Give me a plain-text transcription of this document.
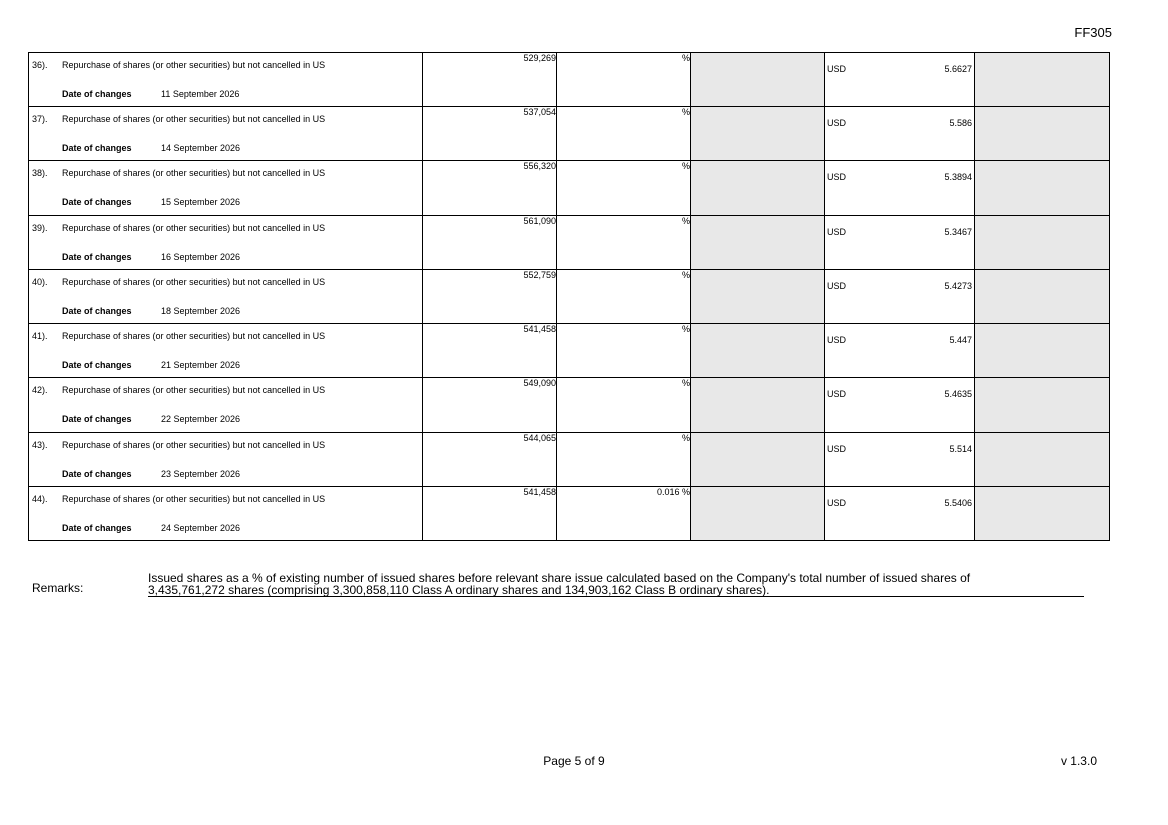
FF305
36). Repurchase of shares (or other securities) but not cancelled in US
Date of changes 11 September 2026	529,269	%		USD 5.6627	

37). Repurchase of shares (or other securities) but not cancelled in US
Date of changes 14 September 2026	537,054	%		USD 5.586	

38). Repurchase of shares (or other securities) but not cancelled in US
Date of changes 15 September 2026	556,320	%		USD 5.3894	

39). Repurchase of shares (or other securities) but not cancelled in US
Date of changes 16 September 2026	561,090	%		USD 5.3467	

40). Repurchase of shares (or other securities) but not cancelled in US
Date of changes 18 September 2026	552,759	%		USD 5.4273	

41). Repurchase of shares (or other securities) but not cancelled in US
Date of changes 21 September 2026	541,458	%		USD 5.447	

42). Repurchase of shares (or other securities) but not cancelled in US
Date of changes 22 September 2026	549,090	%		USD 5.4635	

43). Repurchase of shares (or other securities) but not cancelled in US
Date of changes 23 September 2026	544,065	%		USD 5.514	

44). Repurchase of shares (or other securities) but not cancelled in US
Date of changes 24 September 2026	541,458	0.016 %		USD 5.5406	

Remarks:
Issued shares as a % of existing number of issued shares before relevant share issue calculated based on the Company's total number of issued shares of
3,435,761,272 shares (comprising 3,300,858,110 Class A ordinary shares and 134,903,162 Class B ordinary shares).
Page 5 of 9	v 1.3.0
